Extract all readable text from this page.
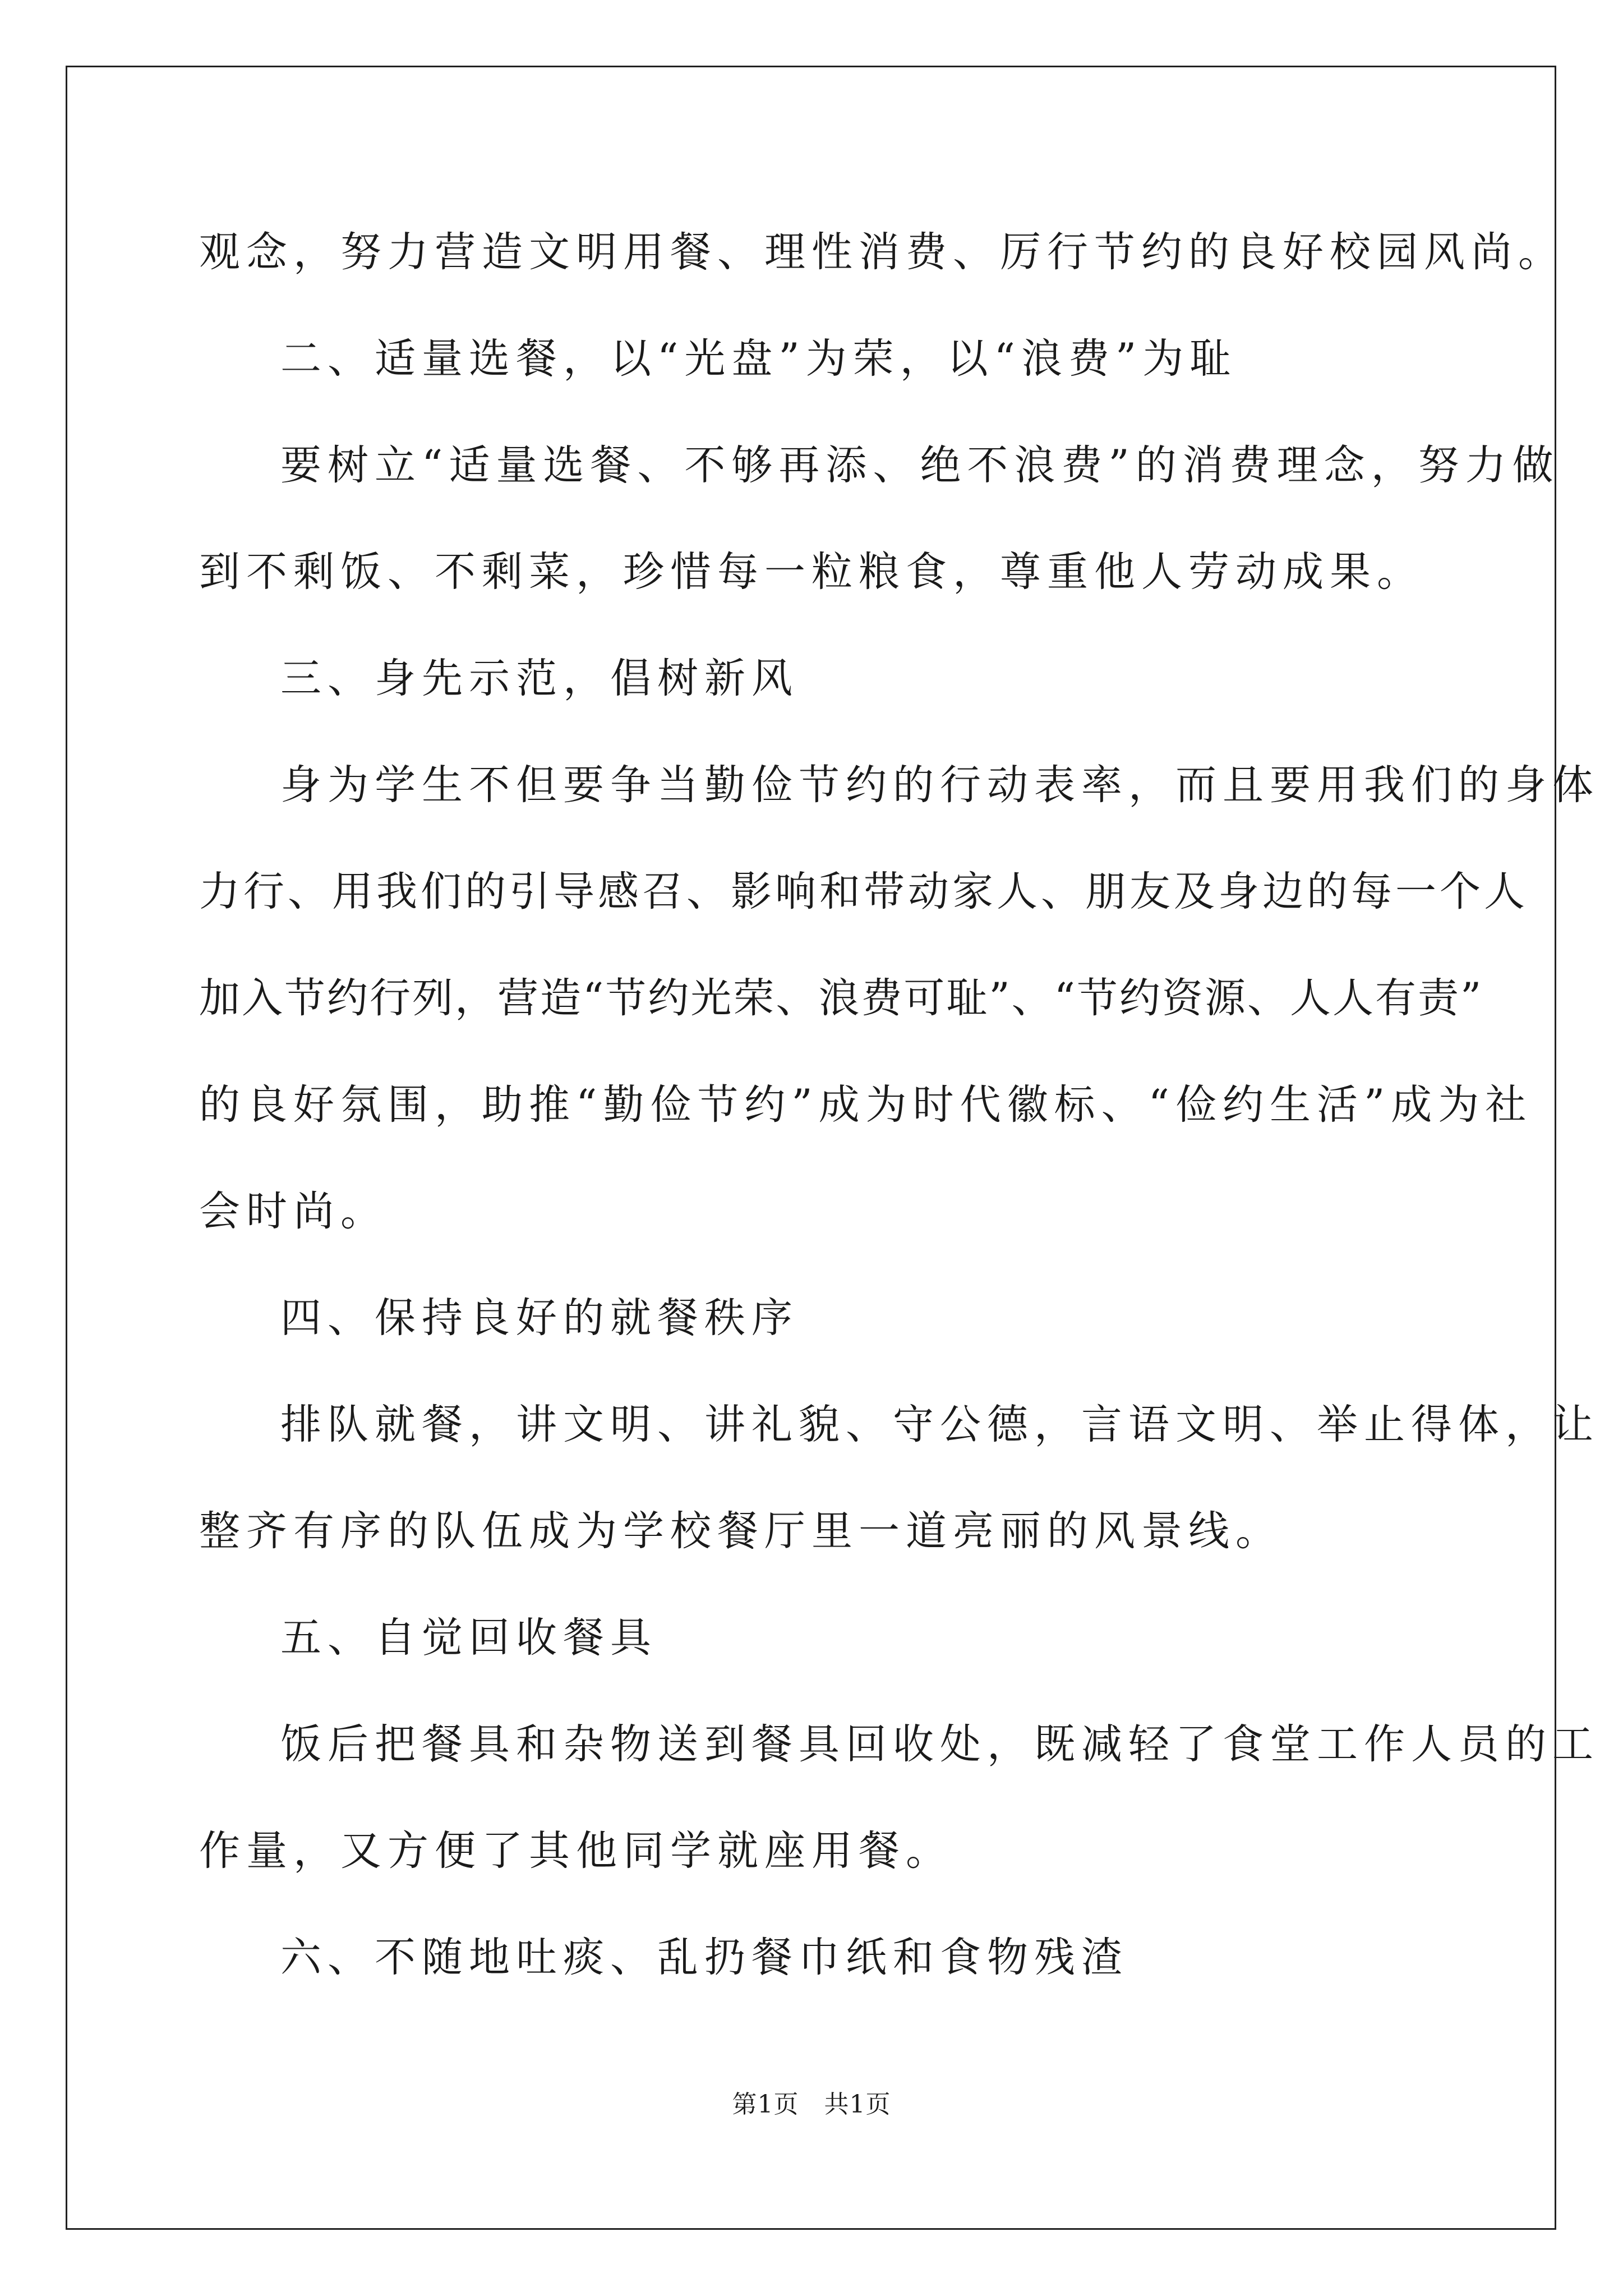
观念，努力营造文明用餐、理性消费、厉行节约的良好校园风尚。
二、适量选餐，以“光盘”为荣，以“浪费”为耻
要树立“适量选餐、不够再添、绝不浪费”的消费理念，努力做
到不剩饭、不剩菜，珍惜每一粒粮食，尊重他人劳动成果。
三、身先示范，倡树新风
身为学生不但要争当勤俭节约的行动表率，而且要用我们的身体
力行、用我们的引导感召、影响和带动家人、朋友及身边的每一个人
加入节约行列，营造“节约光荣、浪费可耻”、“节约资源、人人有责”
的良好氛围，助推“勤俭节约”成为时代徽标、“俭约生活”成为社
会时尚。
四、保持良好的就餐秩序
排队就餐，讲文明、讲礼貌、守公德，言语文明、举止得体，让
整齐有序的队伍成为学校餐厅里一道亮丽的风景线。
五、自觉回收餐具
饭后把餐具和杂物送到餐具回收处，既减轻了食堂工作人员的工
作量，又方便了其他同学就座用餐。
六、不随地吐痰、乱扔餐巾纸和食物残渣
第1页   共1页
